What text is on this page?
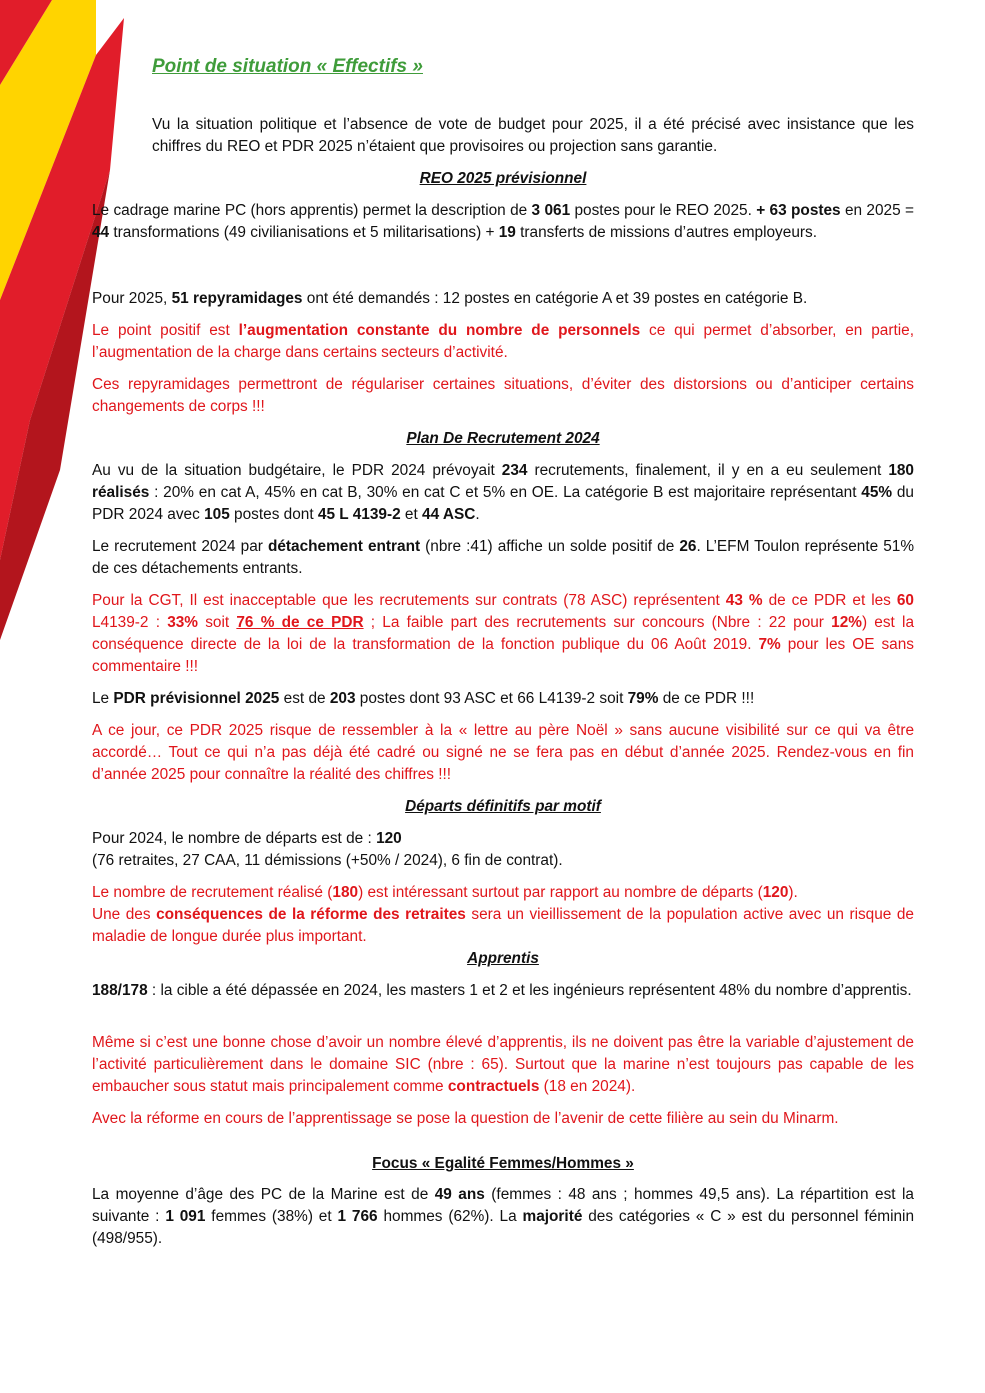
Point de situation « Effectifs »

Vu la situation politique et l’absence de vote de budget pour 2025, il a été précisé avec insistance que les chiffres du REO et PDR 2025 n’étaient que provisoires ou projection sans garantie.

REO 2025 prévisionnel

Le cadrage marine PC (hors apprentis) permet la description de 3 061 postes pour le REO 2025. + 63 postes en 2025 = 44 transformations (49 civilianisations et 5 militarisations) + 19 transferts de missions d’autres employeurs.

Pour 2025, 51 repyramidages ont été demandés : 12 postes en catégorie A et 39 postes en catégorie B.

Le point positif est l’augmentation constante du nombre de personnels ce qui permet d’absorber, en partie, l’augmentation de la charge dans certains secteurs d’activité.

Ces repyramidages permettront de régulariser certaines situations, d’éviter des distorsions ou d’anticiper certains changements de corps !!!

Plan De Recrutement 2024

Au vu de la situation budgétaire, le PDR 2024 prévoyait 234 recrutements, finalement, il y en a eu seulement 180 réalisés : 20% en cat A, 45% en cat B, 30% en cat C et 5% en OE. La catégorie B est majoritaire représentant 45% du PDR 2024 avec 105 postes dont 45 L 4139-2 et 44 ASC.

Le recrutement 2024 par détachement entrant (nbre :41) affiche un solde positif de 26. L’EFM Toulon représente 51% de ces détachements entrants.

Pour la CGT, Il est inacceptable que les recrutements sur contrats (78 ASC) représentent 43 % de ce PDR et les 60 L4139-2 : 33% soit 76 % de ce PDR ; La faible part des recrutements sur concours (Nbre : 22 pour 12%) est la conséquence directe de la loi de la transformation de la fonction publique du 06 Août 2019. 7% pour les OE sans commentaire !!!

Le PDR prévisionnel 2025 est de 203 postes dont 93 ASC et 66 L4139-2 soit 79% de ce PDR !!!

A ce jour, ce PDR 2025 risque de ressembler à la « lettre au père Noël » sans aucune visibilité sur ce qui va être accordé… Tout ce qui n’a pas déjà été cadré ou signé ne se fera pas en début d’année 2025. Rendez-vous en fin d’année 2025 pour connaître la réalité des chiffres !!!

Départs définitifs par motif

Pour 2024, le nombre de départs est de : 120
(76 retraites, 27 CAA, 11 démissions (+50% / 2024), 6 fin de contrat).

Le nombre de recrutement réalisé (180) est intéressant surtout par rapport au nombre de départs (120).
Une des conséquences de la réforme des retraites sera un vieillissement de la population active avec un risque de maladie de longue durée plus important.

Apprentis

188/178 : la cible a été dépassée en 2024, les masters 1 et 2 et les ingénieurs représentent 48% du nombre d’apprentis.

Même si c’est une bonne chose d’avoir un nombre élevé d’apprentis, ils ne doivent pas être la variable d’ajustement de l’activité particulièrement dans le domaine SIC (nbre : 65). Surtout que la marine n’est toujours pas capable de les embaucher sous statut mais principalement comme contractuels (18 en 2024).

Avec la réforme en cours de l’apprentissage se pose la question de l’avenir de cette filière au sein du Minarm.

Focus « Egalité Femmes/Hommes »

La moyenne d’âge des PC de la Marine est de 49 ans (femmes : 48 ans ; hommes 49,5 ans). La répartition est la suivante : 1 091 femmes (38%) et 1 766 hommes (62%). La majorité des catégories « C » est du personnel féminin (498/955).
